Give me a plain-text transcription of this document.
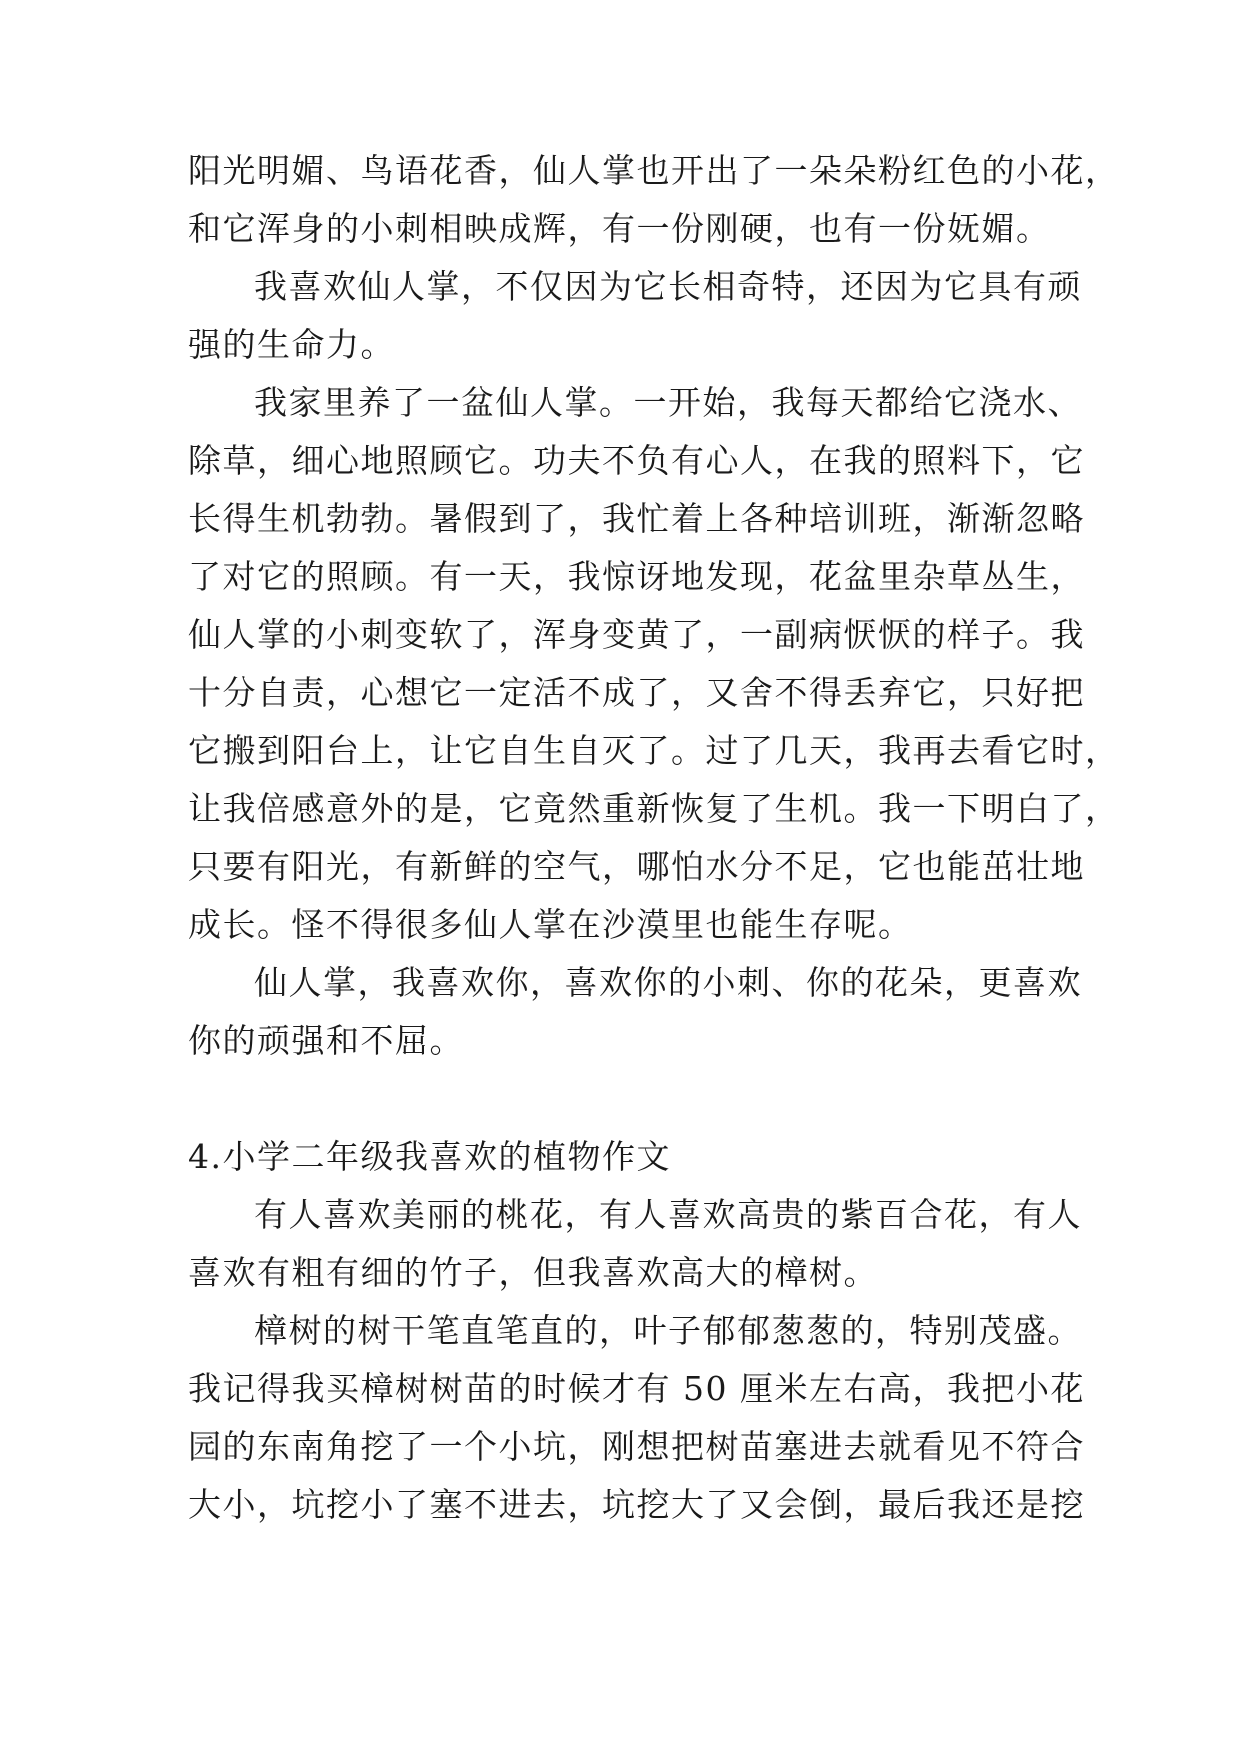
阳光明媚、鸟语花香，仙人掌也开出了一朵朵粉红色的小花，
和它浑身的小刺相映成辉，有一份刚硬，也有一份妩媚。
我喜欢仙人掌，不仅因为它长相奇特，还因为它具有顽
强的生命力。
我家里养了一盆仙人掌。一开始，我每天都给它浇水、
除草，细心地照顾它。功夫不负有心人，在我的照料下，它
长得生机勃勃。暑假到了，我忙着上各种培训班，渐渐忽略
了对它的照顾。有一天，我惊讶地发现，花盆里杂草丛生，
仙人掌的小刺变软了，浑身变黄了，一副病恹恹的样子。我
十分自责，心想它一定活不成了，又舍不得丢弃它，只好把
它搬到阳台上，让它自生自灭了。过了几天，我再去看它时，
让我倍感意外的是，它竟然重新恢复了生机。我一下明白了，
只要有阳光，有新鲜的空气，哪怕水分不足，它也能茁壮地
成长。怪不得很多仙人掌在沙漠里也能生存呢。
仙人掌，我喜欢你，喜欢你的小刺、你的花朵，更喜欢
你的顽强和不屈。
4.小学二年级我喜欢的植物作文
有人喜欢美丽的桃花，有人喜欢高贵的紫百合花，有人
喜欢有粗有细的竹子，但我喜欢高大的樟树。
樟树的树干笔直笔直的，叶子郁郁葱葱的，特别茂盛。
我记得我买樟树树苗的时候才有 50 厘米左右高，我把小花
园的东南角挖了一个小坑，刚想把树苗塞进去就看见不符合
大小，坑挖小了塞不进去，坑挖大了又会倒，最后我还是挖
